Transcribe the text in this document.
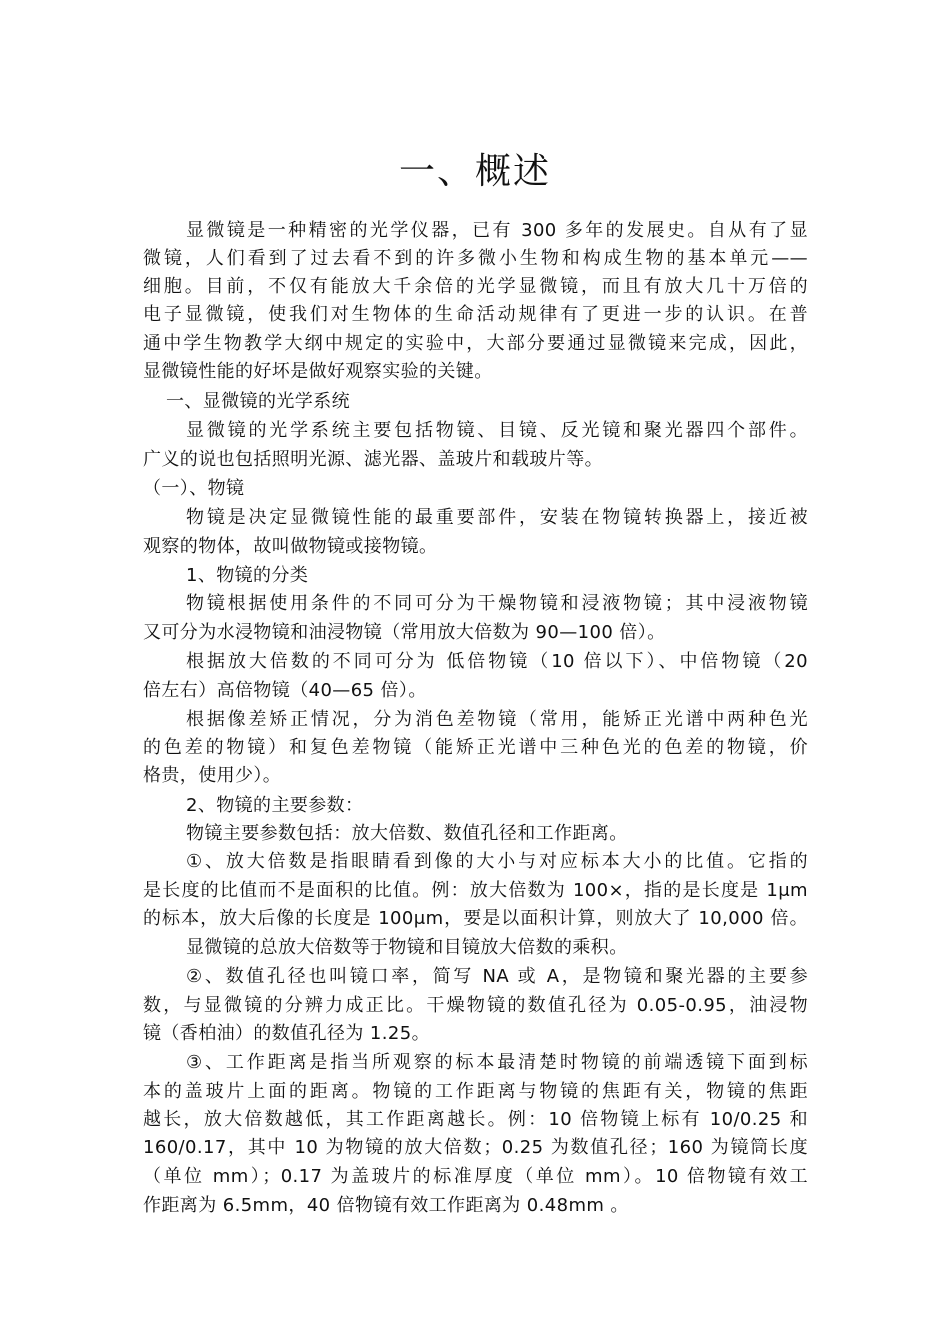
一、概述
显微镜是一种精密的光学仪器，已有 300 多年的发展史。自从有了显
微镜，人们看到了过去看不到的许多微小生物和构成生物的基本单元——
细胞。目前，不仅有能放大千余倍的光学显微镜，而且有放大几十万倍的
电子显微镜，使我们对生物体的生命活动规律有了更进一步的认识。在普
通中学生物教学大纲中规定的实验中，大部分要通过显微镜来完成，因此，
显微镜性能的好坏是做好观察实验的关键。
一、显微镜的光学系统
显微镜的光学系统主要包括物镜、目镜、反光镜和聚光器四个部件。
广义的说也包括照明光源、滤光器、盖玻片和载玻片等。
（一）、物镜
物镜是决定显微镜性能的最重要部件，安装在物镜转换器上，接近被
观察的物体，故叫做物镜或接物镜。
1、物镜的分类
物镜根据使用条件的不同可分为干燥物镜和浸液物镜；其中浸液物镜
又可分为水浸物镜和油浸物镜（常用放大倍数为 90—100 倍）。
根据放大倍数的不同可分为 低倍物镜（10 倍以下）、中倍物镜（20
倍左右）高倍物镜（40—65 倍）。
根据像差矫正情况，分为消色差物镜（常用，能矫正光谱中两种色光
的色差的物镜）和复色差物镜（能矫正光谱中三种色光的色差的物镜，价
格贵，使用少）。
2、物镜的主要参数：
物镜主要参数包括：放大倍数、数值孔径和工作距离。
①、放大倍数是指眼睛看到像的大小与对应标本大小的比值。它指的
是长度的比值而不是面积的比值。例：放大倍数为 100×，指的是长度是 1μm
的标本，放大后像的长度是 100μm，要是以面积计算，则放大了 10,000 倍。
显微镜的总放大倍数等于物镜和目镜放大倍数的乘积。
②、数值孔径也叫镜口率，简写 NA 或 A，是物镜和聚光器的主要参
数，与显微镜的分辨力成正比。干燥物镜的数值孔径为 0.05-0.95，油浸物
镜（香柏油）的数值孔径为 1.25。
③、工作距离是指当所观察的标本最清楚时物镜的前端透镜下面到标
本的盖玻片上面的距离。物镜的工作距离与物镜的焦距有关，物镜的焦距
越长，放大倍数越低，其工作距离越长。例：10 倍物镜上标有 10/0.25 和
160/0.17，其中 10 为物镜的放大倍数；0.25 为数值孔径；160 为镜筒长度
（单位 mm）；0.17 为盖玻片的标准厚度（单位 mm）。10 倍物镜有效工
作距离为 6.5mm，40 倍物镜有效工作距离为 0.48mm 。
